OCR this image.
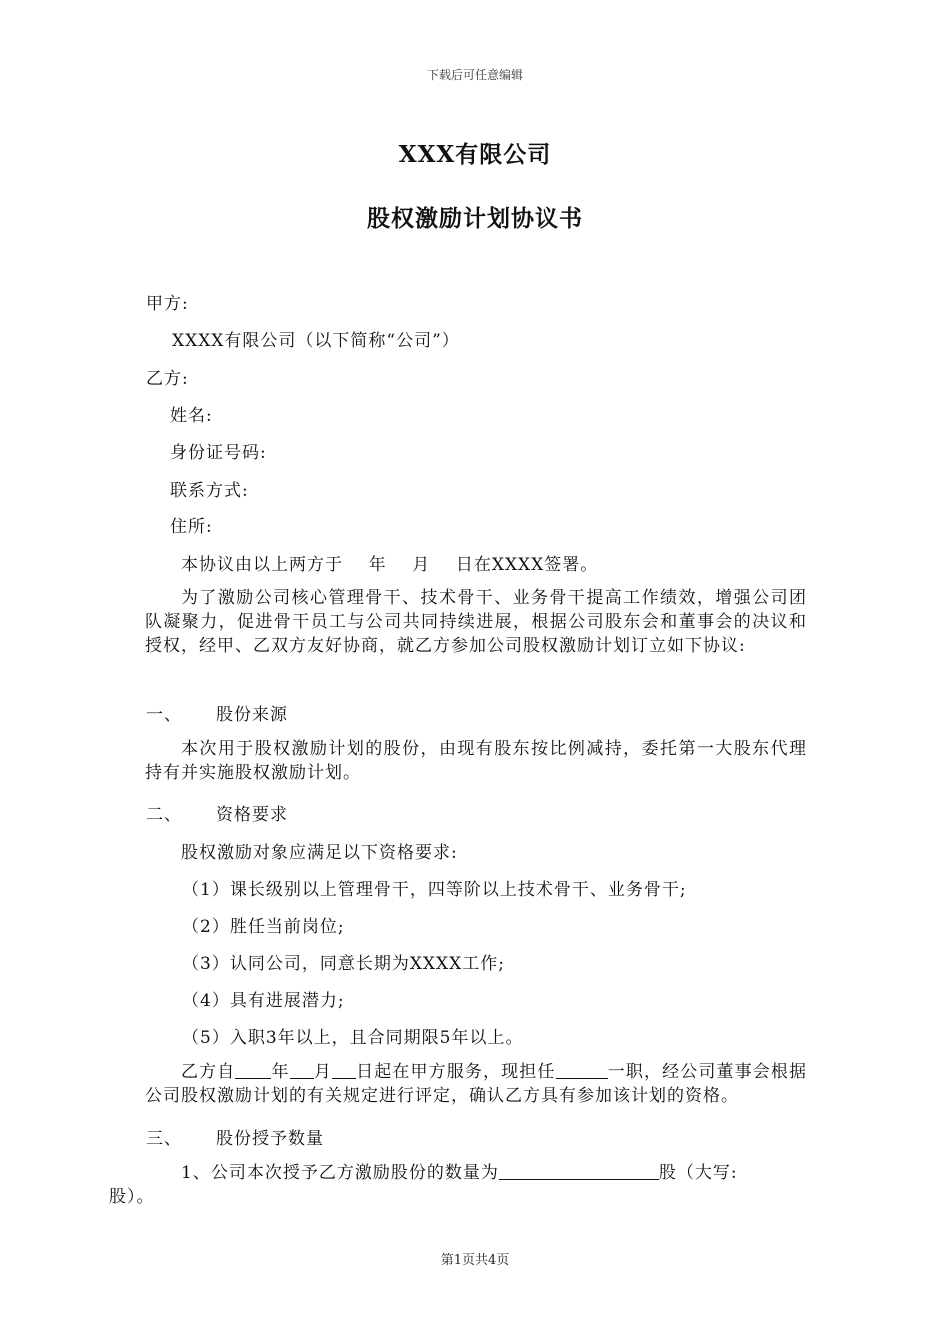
下载后可任意编辑
XXX有限公司
股权激励计划协议书
甲方:
XXXX有限公司（以下简称“公司”）
乙方:
姓名:
身份证号码:
联系方式:
住所:
本协议由以上两方于    年    月    日在XXXX签署。
为了激励公司核心管理骨干、技术骨干、业务骨干提高工作绩效，增强公司团队凝聚力，促进骨干员工与公司共同持续进展，根据公司股东会和董事会的决议和授权，经甲、乙双方友好协商，就乙方参加公司股权激励计划订立如下协议:
一、 股份来源
本次用于股权激励计划的股份，由现有股东按比例减持，委托第一大股东代理持有并实施股权激励计划。
二、 资格要求
股权激励对象应满足以下资格要求:
（1）课长级别以上管理骨干，四等阶以上技术骨干、业务骨干;
（2）胜任当前岗位;
（3）认同公司，同意长期为XXXX工作;
（4）具有进展潜力;
（5）入职3年以上，且合同期限5年以上。
乙方自 年 月 日起在甲方服务，现担任	一职，经公司董事会根据公司股权激励计划的有关规定进行评定，确认乙方具有参加该计划的资格。
三、 股份授予数量
1、公司本次授予乙方激励股份的数量为	股（大写:
股）。
第1页共4页
